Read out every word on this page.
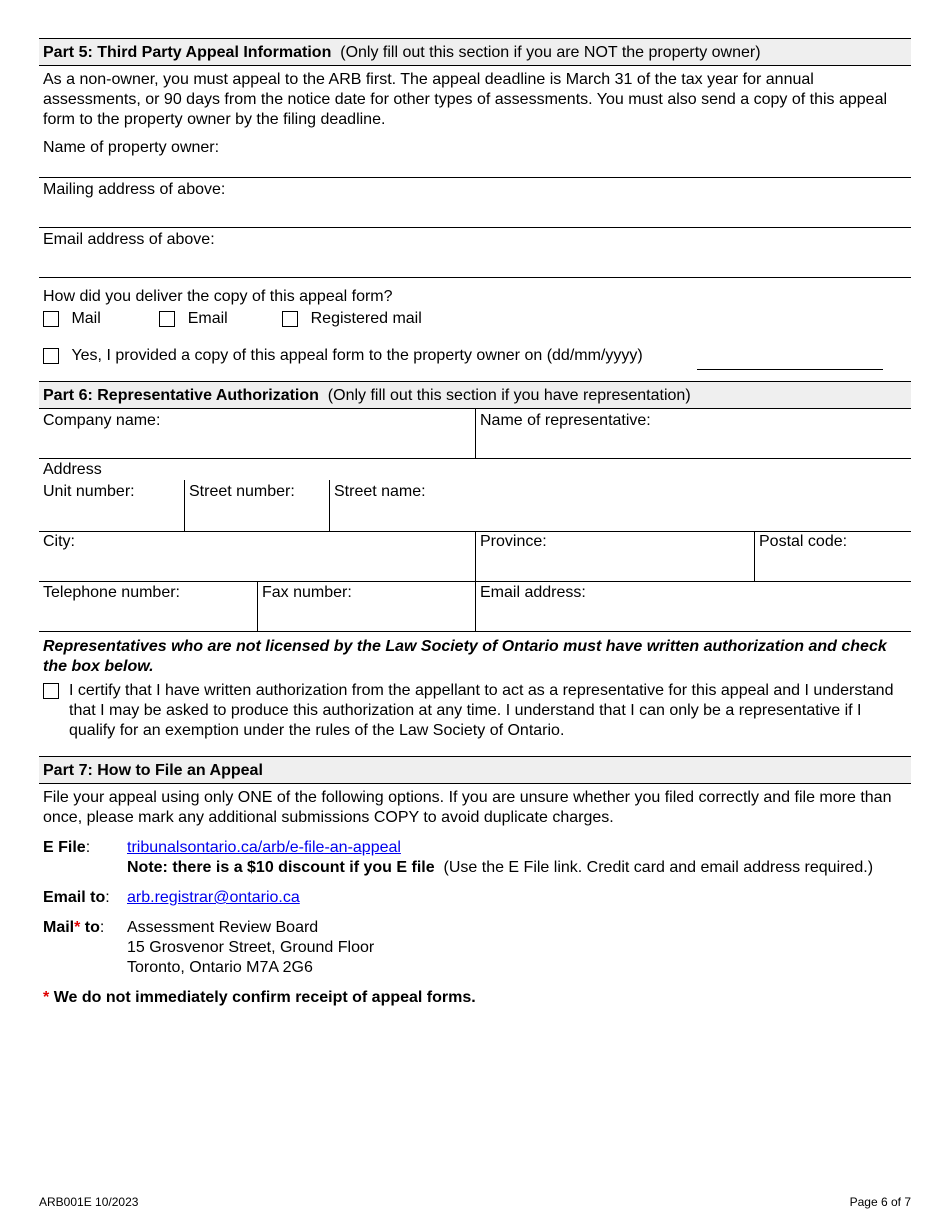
Part 5: Third Party Appeal Information (Only fill out this section if you are NOT the property owner)
As a non-owner, you must appeal to the ARB first. The appeal deadline is March 31 of the tax year for annual assessments, or 90 days from the notice date for other types of assessments. You must also send a copy of this appeal form to the property owner by the filing deadline.
Name of property owner:
Mailing address of above:
Email address of above:
How did you deliver the copy of this appeal form?
Mail	Email	Registered mail
Yes, I provided a copy of this appeal form to the property owner on (dd/mm/yyyy)
Part 6: Representative Authorization (Only fill out this section if you have representation)
Company name:	Name of representative:
Address
Unit number:	Street number:	Street name:
City:	Province:	Postal code:
Telephone number:	Fax number:	Email address:
Representatives who are not licensed by the Law Society of Ontario must have written authorization and check the box below.
I certify that I have written authorization from the appellant to act as a representative for this appeal and I understand that I may be asked to produce this authorization at any time. I understand that I can only be a representative if I qualify for an exemption under the rules of the Law Society of Ontario.
Part 7: How to File an Appeal
File your appeal using only ONE of the following options. If you are unsure whether you filed correctly and file more than once, please mark any additional submissions COPY to avoid duplicate charges.
E File:	tribunalsontario.ca/arb/e-file-an-appeal
Note: there is a $10 discount if you E file (Use the E File link. Credit card and email address required.)
Email to:	arb.registrar@ontario.ca
Mail* to:	Assessment Review Board
15 Grosvenor Street, Ground Floor
Toronto, Ontario M7A 2G6
* We do not immediately confirm receipt of appeal forms.
ARB001E 10/2023	Page 6 of 7
